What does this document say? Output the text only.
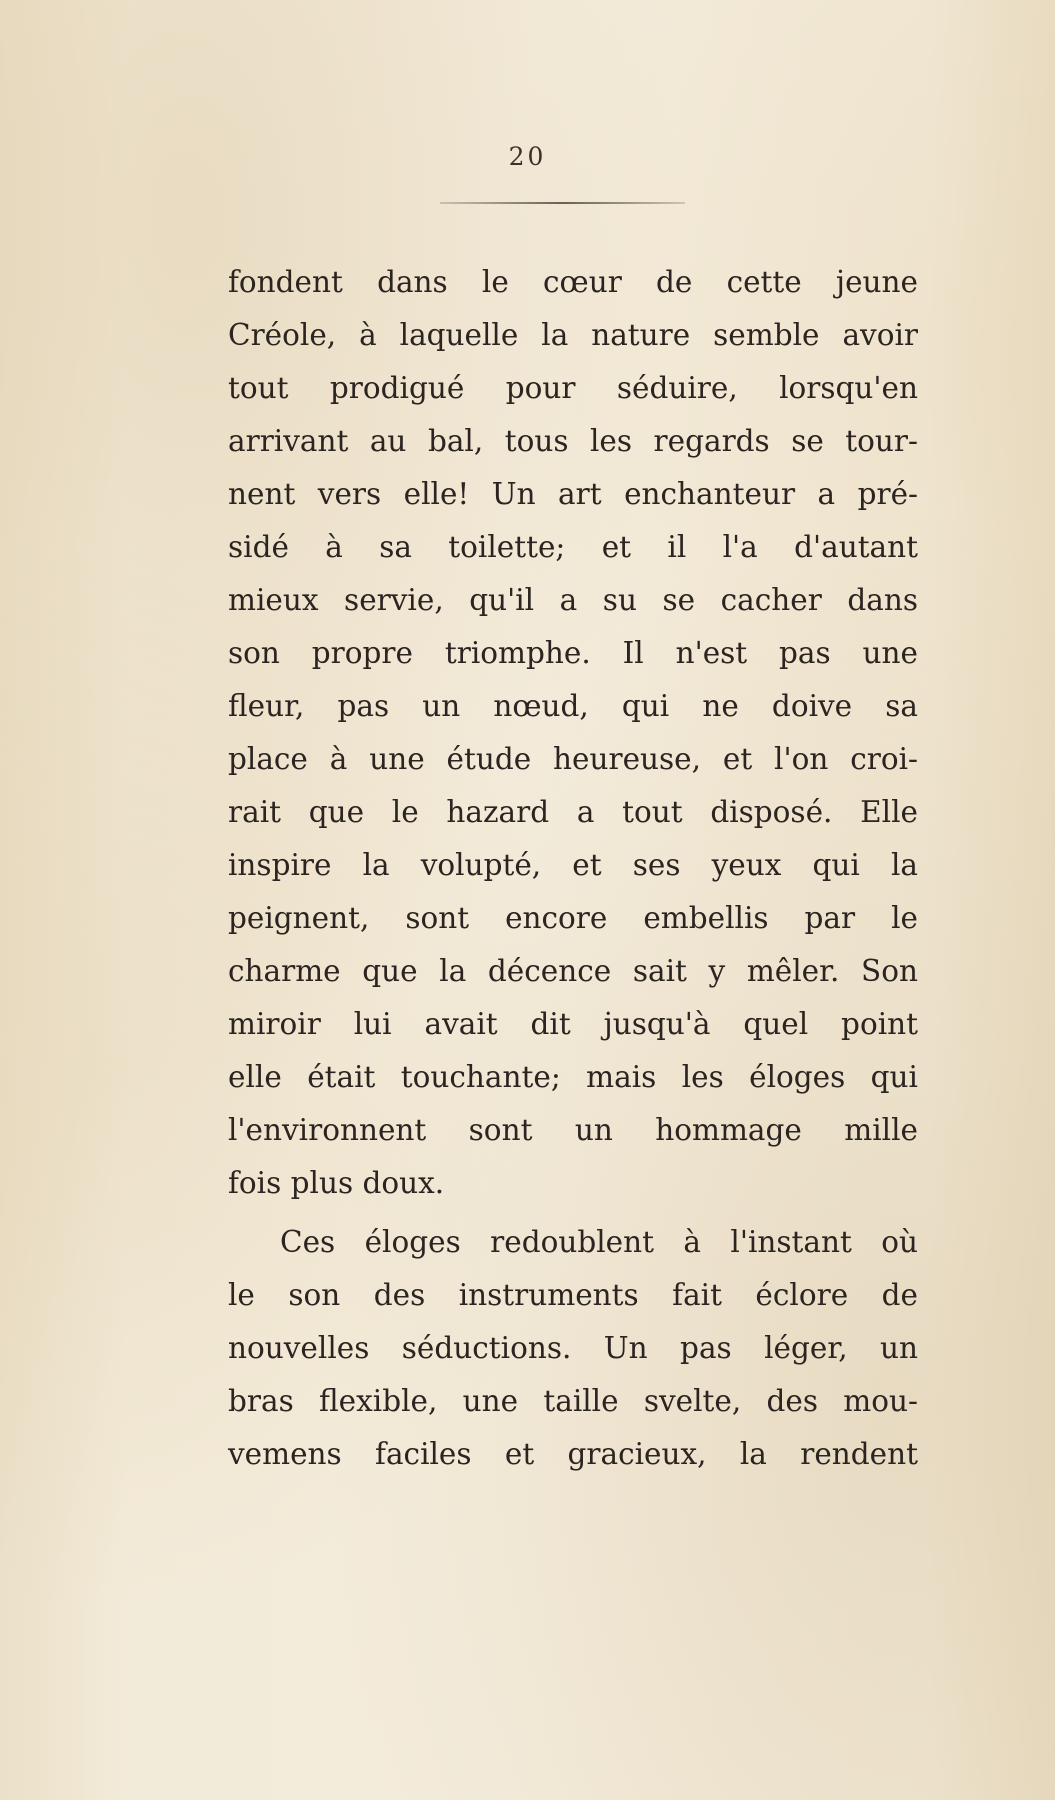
20
fondent dans le cœur de cette jeune
Créole, à laquelle la nature semble avoir
tout prodigué pour séduire, lorsqu'en
arrivant au bal, tous les regards se tour-
nent vers elle! Un art enchanteur a pré-
sidé à sa toilette; et il l'a d'autant
mieux servie, qu'il a su se cacher dans
son propre triomphe. Il n'est pas une
fleur, pas un nœud, qui ne doive sa
place à une étude heureuse, et l'on croi-
rait que le hazard a tout disposé. Elle
inspire la volupté, et ses yeux qui la
peignent, sont encore embellis par le
charme que la décence sait y mêler. Son
miroir lui avait dit jusqu'à quel point
elle était touchante; mais les éloges qui
l'environnent sont un hommage mille
fois plus doux.
Ces éloges redoublent à l'instant où
le son des instruments fait éclore de
nouvelles séductions. Un pas léger, un
bras flexible, une taille svelte, des mou-
vemens faciles et gracieux, la rendent
